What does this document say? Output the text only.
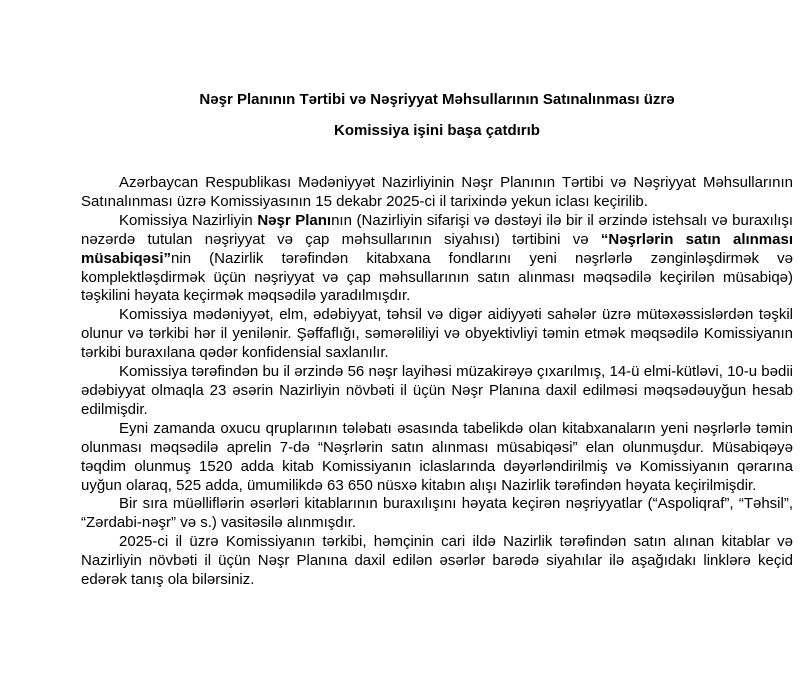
Nəşr Planının Tərtibi və Nəşriyyat Məhsullarının Satınalınması üzrə
Komissiya işini başa çatdırıb

Azərbaycan Respublikası Mədəniyyət Nazirliyinin Nəşr Planının Tərtibi və Nəşriyyat Məhsullarının Satınalınması üzrə Komissiyasının 15 dekabr 2025-ci il tarixində yekun iclası keçirilib.

Komissiya Nazirliyin Nəşr Planının (Nazirliyin sifarişi və dəstəyi ilə bir il ərzində istehsalı və buraxılışı nəzərdə tutulan nəşriyyat və çap məhsullarının siyahısı) tərtibini və “Nəşrlərin satın alınması müsabiqəsi”nin (Nazirlik tərəfindən kitabxana fondlarını yeni nəşrlərlə zənginləşdirmək və komplektləşdirmək üçün nəşriyyat və çap məhsullarının satın alınması məqsədilə keçirilən müsabiqə) təşkilini həyata keçirmək məqsədilə yaradılmışdır.

Komissiya mədəniyyət, elm, ədəbiyyat, təhsil və digər aidiyyəti sahələr üzrə mütəxəssislərdən təşkil olunur və tərkibi hər il yenilənir. Şəffaflığı, səmərəliliyi və obyektivliyi təmin etmək məqsədilə Komissiyanın tərkibi buraxılana qədər konfidensial saxlanılır.

Komissiya tərəfindən bu il ərzində 56 nəşr layihəsi müzakirəyə çıxarılmış, 14-ü elmi-kütləvi, 10-u bədii ədəbiyyat olmaqla 23 əsərin Nazirliyin növbəti il üçün Nəşr Planına daxil edilməsi məqsədəuyğun hesab edilmişdir.

Eyni zamanda oxucu qruplarının tələbatı əsasında tabelikdə olan kitabxanaların yeni nəşrlərlə təmin olunması məqsədilə aprelin 7-də “Nəşrlərin satın alınması müsabiqəsi” elan olunmuşdur. Müsabiqəyə təqdim olunmuş 1520 adda kitab Komissiyanın iclaslarında dəyərləndirilmiş və Komissiyanın qərarına uyğun olaraq, 525 adda, ümumilikdə 63 650 nüsxə kitabın alışı Nazirlik tərəfindən həyata keçirilmişdir.

Bir sıra müəlliflərin əsərləri kitablarının buraxılışını həyata keçirən nəşriyyatlar (“Aspoliqraf”, “Təhsil”, “Zərdabi-nəşr” və s.) vasitəsilə alınmışdır.

2025-ci il üzrə Komissiyanın tərkibi, həmçinin cari ildə Nazirlik tərəfindən satın alınan kitablar və Nazirliyin növbəti il üçün Nəşr Planına daxil edilən əsərlər barədə siyahılar ilə aşağıdakı linklərə keçid edərək tanış ola bilərsiniz.
